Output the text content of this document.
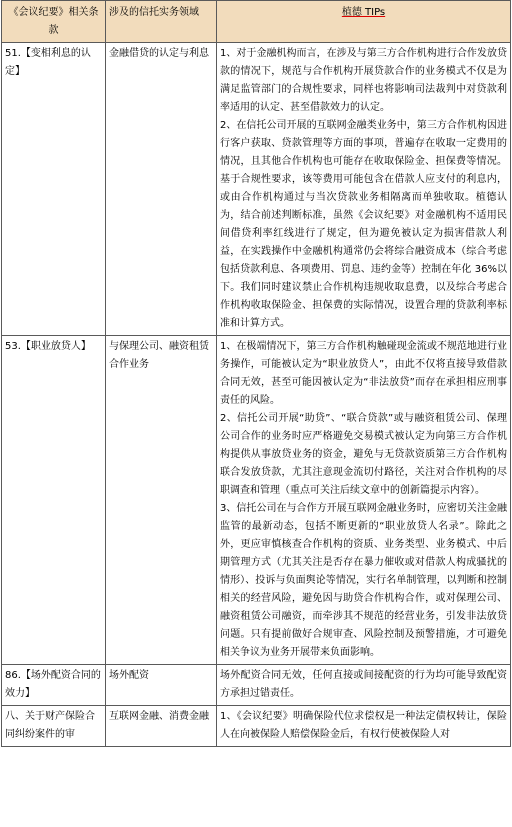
《会议纪要》相关条款	涉及的信托实务领域	植德 TIPs
51.【变相利息的认定】	金融借贷的认定与利息	1、对于金融机构而言，在涉及与第三方合作机构进行合作发放贷款的情况下，规范与合作机构开展贷款合作的业务模式不仅是为满足监管部门的合规性要求，同样也将影响司法裁判中对贷款利率适用的认定、甚至借款效力的认定。

2、在信托公司开展的互联网金融类业务中，第三方合作机构因进行客户获取、贷款管理等方面的事项，普遍存在收取一定费用的情况，且其他合作机构也可能存在收取保险金、担保费等情况。基于合规性要求，该等费用可能包含在借款人应支付的利息内，或由合作机构通过与当次贷款业务相隔离而单独收取。植德认为，结合前述判断标准，虽然《会议纪要》对金融机构不适用民间借贷利率红线进行了规定，但为避免被认定为损害借款人利益，在实践操作中金融机构通常仍会将综合融资成本（综合考虑包括贷款利息、各项费用、罚息、违约金等）控制在年化 36%以下。我们同时建议禁止合作机构违规收取息费，以及综合考虑合作机构收取保险金、担保费的实际情况，设置合理的贷款利率标准和计算方式。

53.【职业放贷人】	与保理公司、融资租赁合作业务	1、在极端情况下，第三方合作机构触碰现金流或不规范地进行业务操作，可能被认定为“职业放贷人”，由此不仅将直接导致借款合同无效，甚至可能因被认定为“非法放贷”而存在承担相应刑事责任的风险。

2、信托公司开展“助贷”、“联合贷款”或与融资租赁公司、保理公司合作的业务时应严格避免交易模式被认定为向第三方合作机构提供从事放贷业务的资金，避免与无贷款资质第三方合作机构联合发放贷款，尤其注意现金流切付路径，关注对合作机构的尽职调查和管理（重点可关注后续文章中的创新篇提示内容）。

3、信托公司在与合作方开展互联网金融业务时，应密切关注金融监管的最新动态，包括不断更新的“职业放贷人名录”。除此之外，更应审慎核查合作机构的资质、业务类型、业务模式、中后期管理方式（尤其关注是否存在暴力催收或对借款人构成骚扰的情形）、投诉与负面舆论等情况，实行名单制管理，以判断和控制相关的经营风险，避免因与助贷合作机构合作，或对保理公司、融资租赁公司融资，而牵涉其不规范的经营业务，引发非法放贷问题。只有提前做好合规审查、风险控制及预警措施，才可避免相关争议为业务开展带来负面影响。

86.【场外配资合同的效力】	场外配资	场外配资合同无效，任何直接或间接配资的行为均可能导致配资方承担过错责任。

八、关于财产保险合同纠纷案件的审	互联网金融、消费金融	1、《会议纪要》明确保险代位求偿权是一种法定债权转让，保险人在向被保险人赔偿保险金后，有权行使被保险人对
